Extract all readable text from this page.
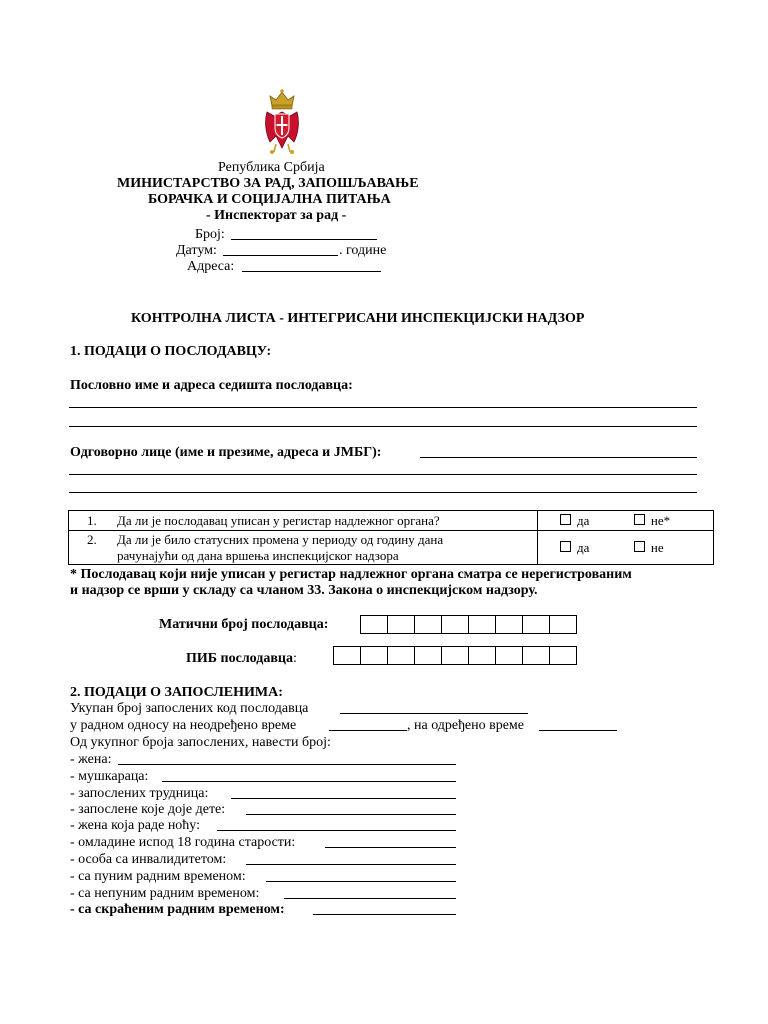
Република Србија
МИНИСТАРСТВО ЗА РАД, ЗАПОШЉАВАЊЕ
БОРАЧКА И СОЦИЈАЛНА ПИТАЊА
- Инспекторат за рад -
Број:
Датум:	. године
Адреса:
КОНТРОЛНА ЛИСТА - ИНТЕГРИСАНИ ИНСПЕКЦИЈСКИ НАДЗОР
1. ПОДАЦИ О ПОСЛОДАВЦУ:
Пословно име и адреса седишта послодавца:
Одговорно лице (име и презиме, адреса и ЈМБГ):
1. Да ли је послодавац уписан у регистар надлежног органа?	да не*

2. Да ли је било статусних промена у периоду од годину дана
рачунајући од дана вршења инспекцијског надзора	да не
* Послодавац који није уписан у регистар надлежног органа сматра се нерегистрованим
и надзор се врши у складу са чланом 33. Закона о инспекцијском надзору.
Матични број послодавца:
ПИБ послодавца:
2. ПОДАЦИ О ЗАПОСЛЕНИМА:
Укупан број запослених код послодавца
у радном односу на неодређено време	, на одређено време
Од укупног броја запослених, навести број:
- жена:
- мушкараца:
- запослених трудница:
- запослене које доје дете:
- жена која раде ноћу:
- омладине испод 18 година старости:
- особа са инвалидитетом:
- са пуним радним временом:
- са непуним радним временом:
- са скраћеним радним временом:
